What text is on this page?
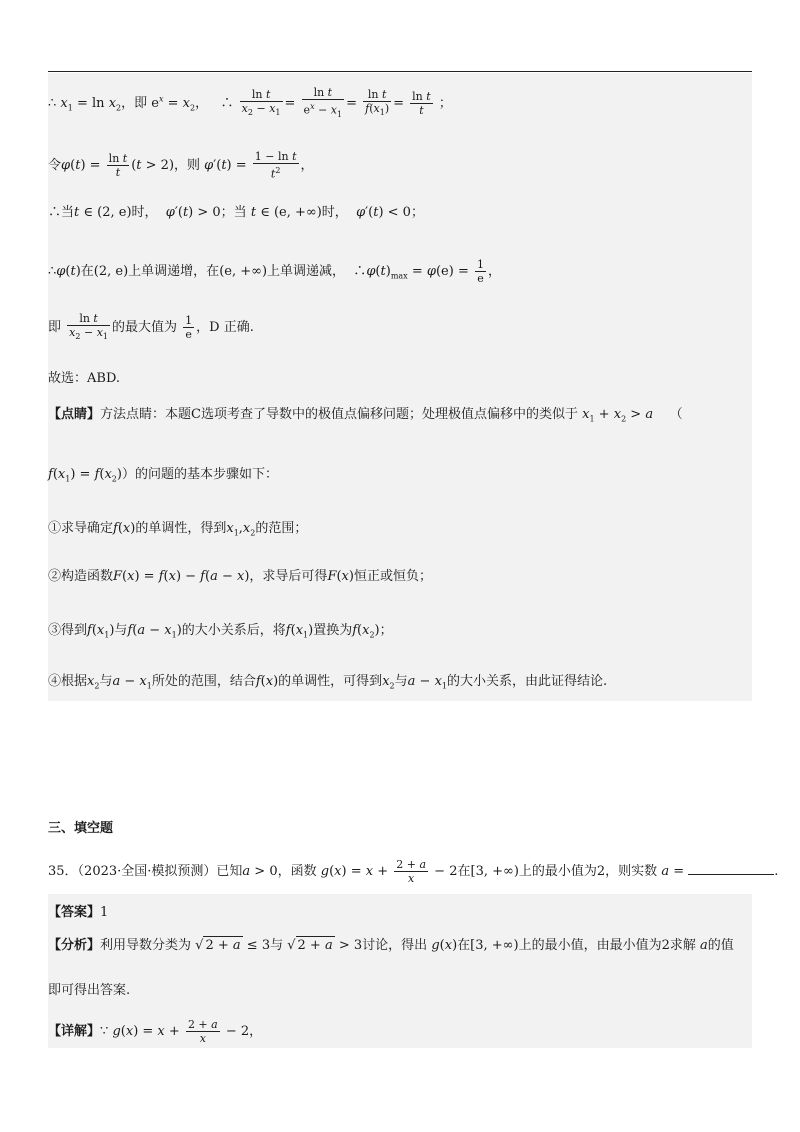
∴ $x_1 = \ln x_2$，即 $e^x = x_2$， ∴ $\frac{\text{ln t}}{x_2 - x_1} = \frac{\text{ln t}}{e^x - x_1} = \frac{\text{ln t}}{f(x_1)} = \frac{\text{ln t}}{t}$ ；
令$\varphi(t) = \frac{\text{ln t}}{t} (t > 2)$，则 $\varphi'(t) = \frac{\text{1 − ln t}}{t^2}$ ，
∴当t ∈ (2, e)时， φ′(t) > 0；当 t ∈ (e, +∞)时， φ′(t) < 0；
∴φ(t)在(2, e)上单调递增，在(e, +∞)上单调递减， $\therefore\varphi(t)_{max} = \varphi(e) = \frac{1}{e}$ ，
即 $\frac{\text{ln t}}{x_2 - x_1}$ 的最大值为 $\frac{1}{e}$ ，D 正确.
故选：ABD.
【点睛】方法点睛：本题C选项考查了导数中的极值点偏移问题；处理极值点偏移中的类似于 $x_1 + x_2 > a$ （
$f(x_1) = f(x_2)$）的问题的基本步骤如下：
①求导确定f(x)的单调性，得到$x_1,x_2$的范围；
②构造函数F(x) = f(x) − f(a − x)，求导后可得F(x)恒正或恒负；
③得到$f(x_1)$与$f(a - x_1)$的大小关系后，将$f(x_1)$置换为$f(x_2)$；
④根据$x_2$与$a - x_1$所处的范围，结合f(x)的单调性，可得到$x_2$与$a - x_1$的大小关系，由此证得结论.
三、填空题
35．（2023·全国·模拟预测）已知a > 0，函数 $g(x) = x + \frac{2 + a}{x} - 2$在[3, +∞)上的最小值为2，则实数 a =	.
【答案】1
【分析】利用导数分类为 √ 2 + a ≤ 3与 √ 2 + a > 3讨论，得出 g(x)在[3, +∞)上的最小值，由最小值为2求解 a的值
即可得出答案.
【详解】∵ $g(x) = x + \frac{2 + a}{x} - 2$，
